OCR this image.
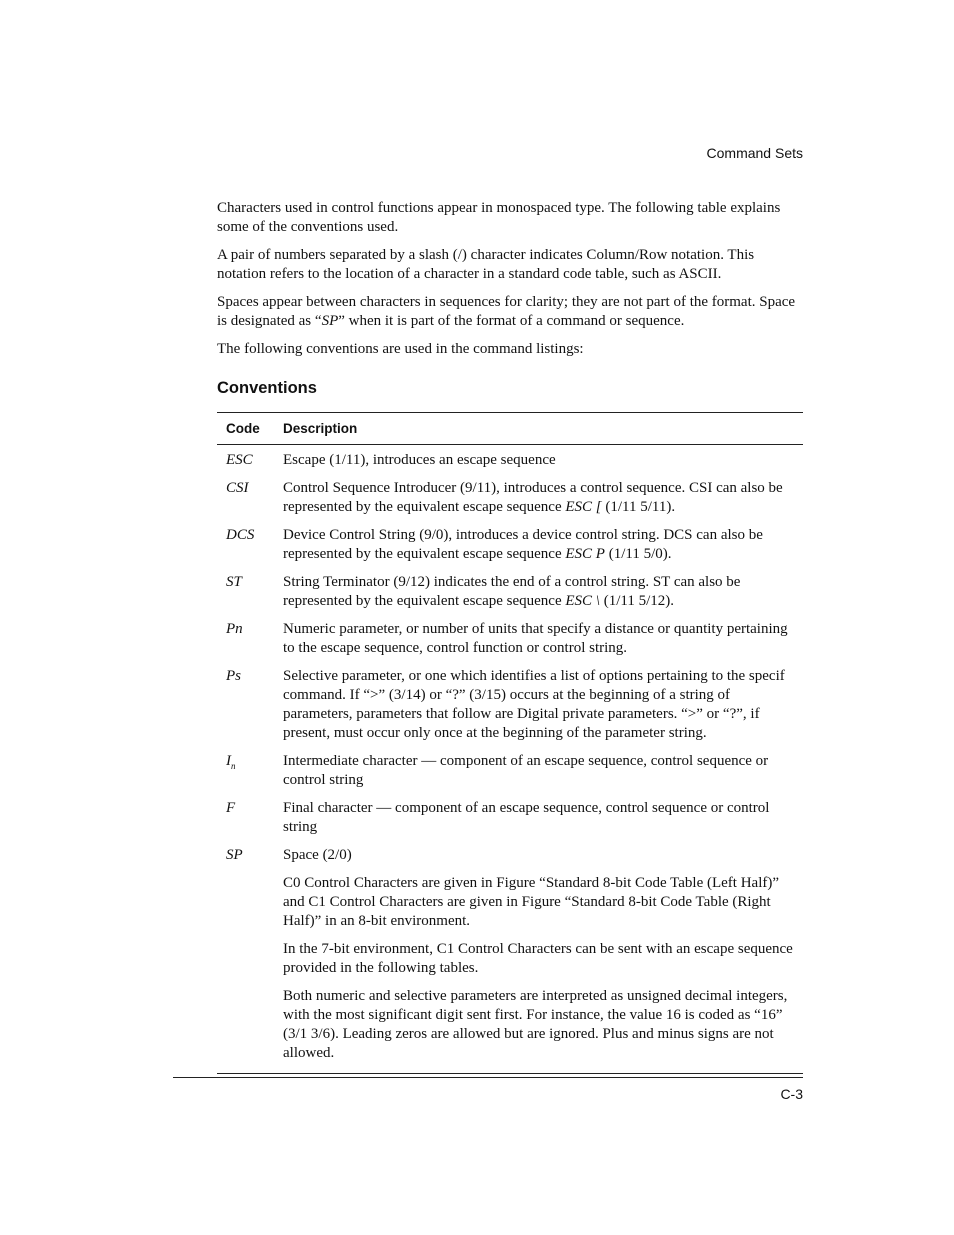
Command Sets

Characters used in control functions appear in monospaced type. The following table explains some of the conventions used.

A pair of numbers separated by a slash (/) character indicates Column/Row notation. This notation refers to the location of a character in a standard code table, such as ASCII.

Spaces appear between characters in sequences for clarity; they are not part of the format. Space is designated as “SP” when it is part of the format of a command or sequence.

The following conventions are used in the command listings:

Conventions
Code	Description
ESC	Escape (1/11), introduces an escape sequence
CSI	Control Sequence Introducer (9/11), introduces a control sequence. CSI can also be represented by the equivalent escape sequence ESC [ (1/11 5/11).
DCS	Device Control String (9/0), introduces a device control string. DCS can also be represented by the equivalent escape sequence ESC P (1/11 5/0).
ST	String Terminator (9/12) indicates the end of a control string. ST can also be represented by the equivalent escape sequence ESC \ (1/11 5/12).
Pn	Numeric parameter, or number of units that specify a distance or quantity pertaining to the escape sequence, control function or control string.
Ps	Selective parameter, or one which identifies a list of options pertaining to the specif command. If “>” (3/14) or “?” (3/15) occurs at the beginning of a string of parameters, parameters that follow are Digital private parameters. “>” or “?”, if present, must occur only once at the beginning of the parameter string.
$I_n$	Intermediate character — component of an escape sequence, control sequence or control string
F	Final character — component of an escape sequence, control sequence or control string
SP	Space (2/0)
	C0 Control Characters are given in Figure “Standard 8-bit Code Table (Left Half)” and C1 Control Characters are given in Figure “Standard 8-bit Code Table (Right Half)” in an 8-bit environment.
	In the 7-bit environment, C1 Control Characters can be sent with an escape sequence provided in the following tables.
	Both numeric and selective parameters are interpreted as unsigned decimal integers, with the most significant digit sent first. For instance, the value 16 is coded as “16” (3/1 3/6). Leading zeros are allowed but are ignored. Plus and minus signs are not allowed.
C-3
